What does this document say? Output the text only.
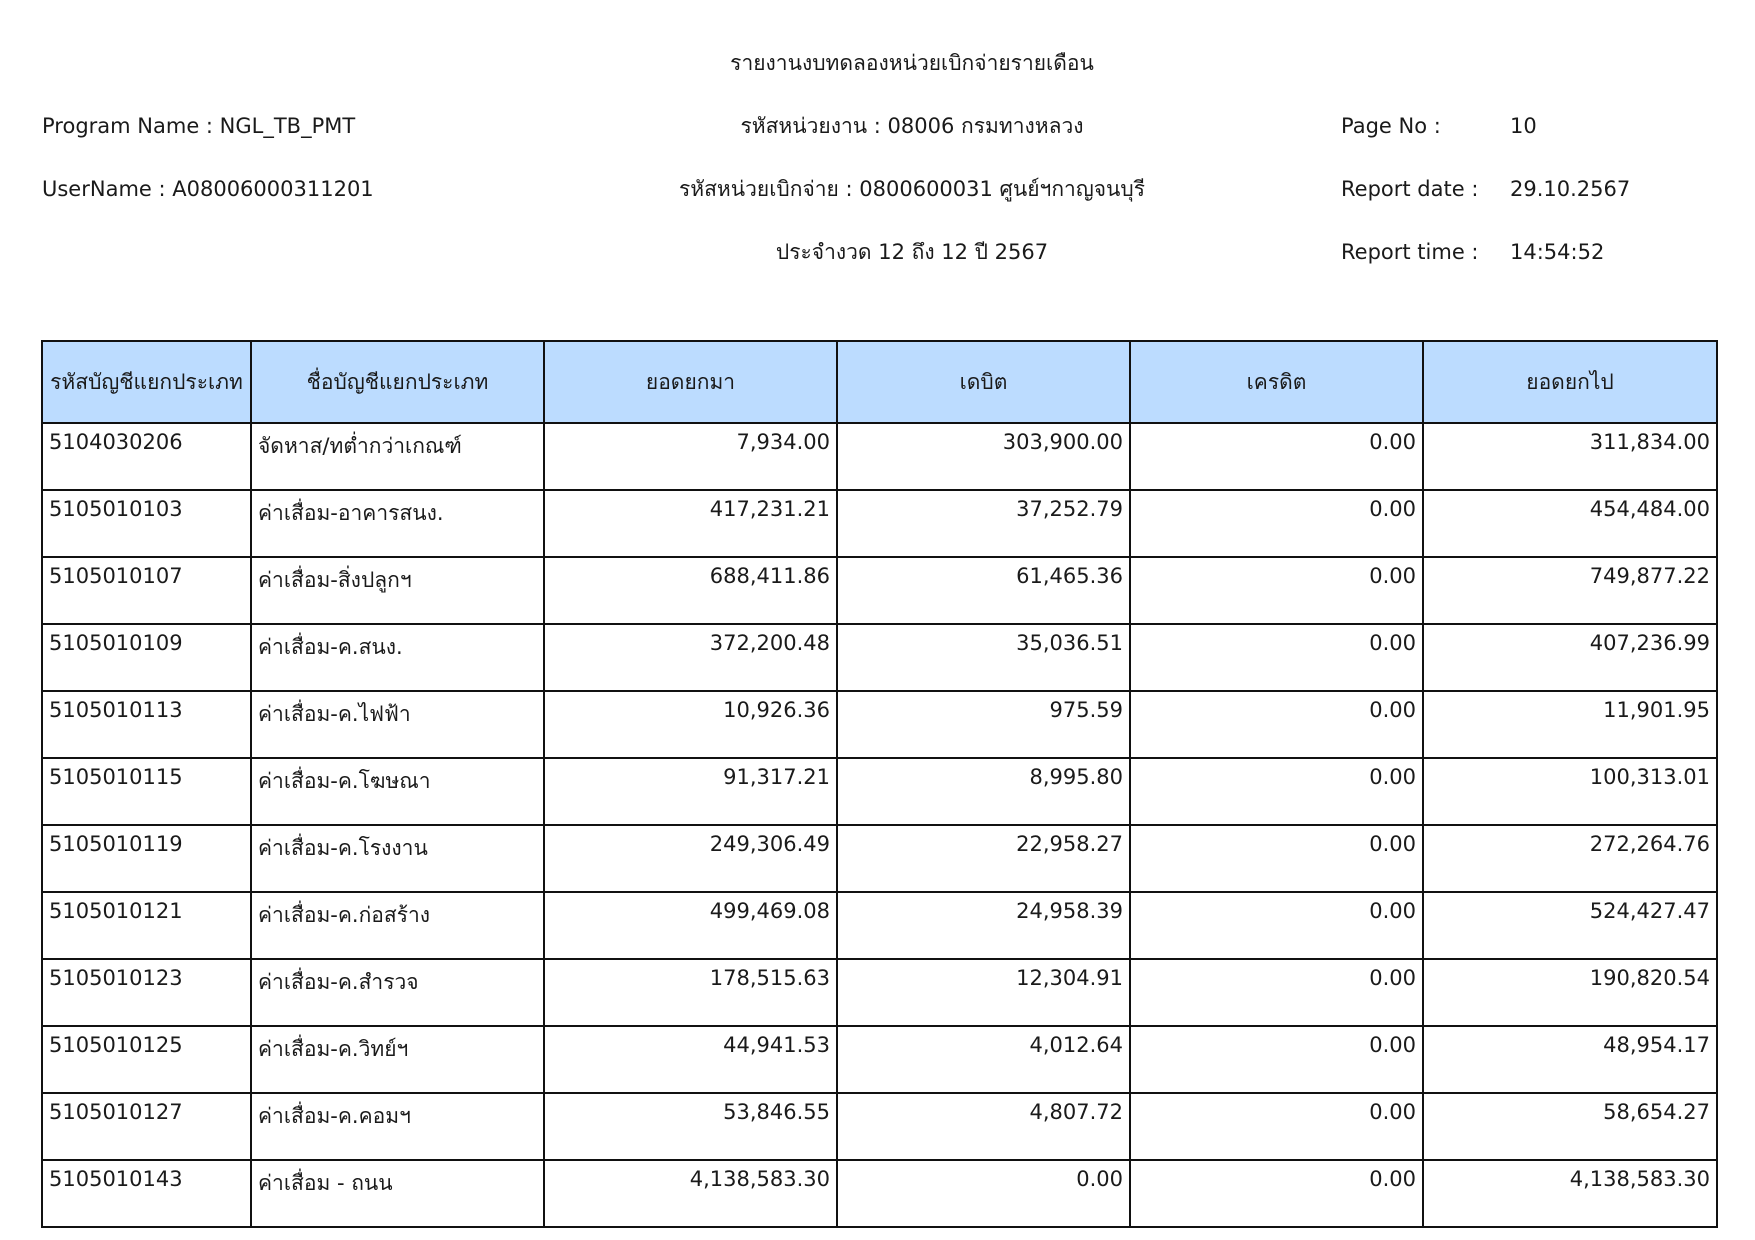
รายงานงบทดลองหน่วยเบิกจ่ายรายเดือน
Program Name : NGL_TB_PMT
UserName : A08006000311201
รหัสหน่วยงาน : 08006 กรมทางหลวง
รหัสหน่วยเบิกจ่าย : 0800600031 ศูนย์ฯกาญจนบุรี
ประจำงวด 12 ถึง 12 ปี 2567
Page No :	10
Report date : 29.10.2567
Report time : 14:54:52
รหัสบัญชีแยกประเภท	ชื่อบัญชีแยกประเภท	ยอดยกมา	เดบิต	เครดิต	ยอดยกไป
5104030206	จัดหาส/ทต่ำกว่าเกณฑ์	7,934.00	303,900.00	0.00	311,834.00
5105010103	ค่าเสื่อม-อาคารสนง.	417,231.21	37,252.79	0.00	454,484.00
5105010107	ค่าเสื่อม-สิ่งปลูกฯ	688,411.86	61,465.36	0.00	749,877.22
5105010109	ค่าเสื่อม-ค.สนง.	372,200.48	35,036.51	0.00	407,236.99
5105010113	ค่าเสื่อม-ค.ไฟฟ้า	10,926.36	975.59	0.00	11,901.95
5105010115	ค่าเสื่อม-ค.โฆษณา	91,317.21	8,995.80	0.00	100,313.01
5105010119	ค่าเสื่อม-ค.โรงงาน	249,306.49	22,958.27	0.00	272,264.76
5105010121	ค่าเสื่อม-ค.ก่อสร้าง	499,469.08	24,958.39	0.00	524,427.47
5105010123	ค่าเสื่อม-ค.สำรวจ	178,515.63	12,304.91	0.00	190,820.54
5105010125	ค่าเสื่อม-ค.วิทย์ฯ	44,941.53	4,012.64	0.00	48,954.17
5105010127	ค่าเสื่อม-ค.คอมฯ	53,846.55	4,807.72	0.00	58,654.27
5105010143	ค่าเสื่อม - ถนน	4,138,583.30	0.00	0.00	4,138,583.30
